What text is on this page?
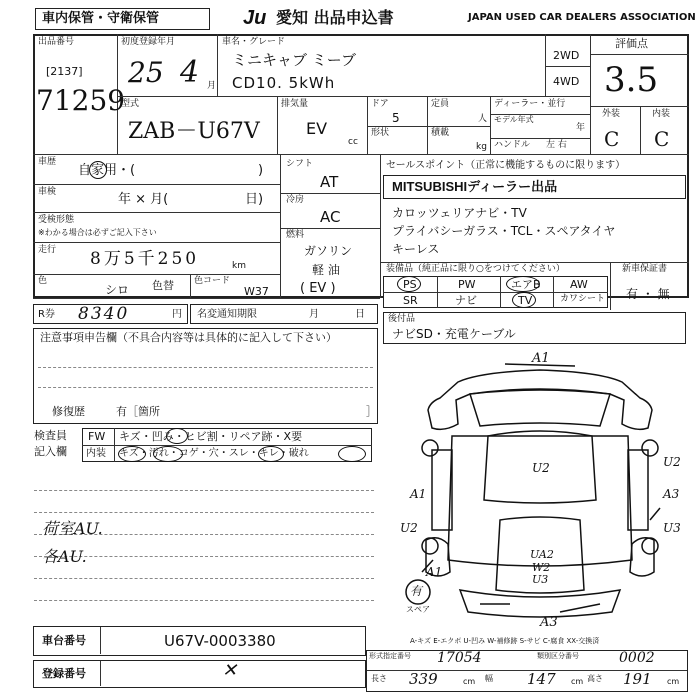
車内保管・守衛保管	Ju 愛知 出品申込書	JAPAN USED CAR DEALERS ASSOCIATION
出品番号
[2137]
71259
初度登録年月
25 4 月
車名・グレード
ミニキャブ ミーブ
CD10. 5kWh
2WD
4WD
評価点
3.5
外装	内装
C C
型式
ZAB－U67V
排気量
EV
cc
ドア
5
形状
定員
人
積載
kg
ディーラー・並行
モデル年式
年
ハンドル 左 右
車歴
自家用・(	)
車検	年 × 月(	日)
受検形態
※わかる場合は必ずご記入下さい
走行 8万5千250	km
色
シロ 色替 色コード
W37
シフト
AT
冷房
AC
燃料
ガソリン
軽 油
( EV )
セールスポイント（正常に機能するものに限ります）
MITSUBISHIディーラー出品
カロッツェリアナビ・TV
プライバシーガラス・TCL・スペアタイヤ
キーレス
装備品（純正品に限り○をつけてください）	新車保証書
有 ・ 無
PS	PW	エアB	AW
SR	ナビ	TV	カワシート
R券 8340	円 名変通知期限	月	日	後付品
ナビSD・充電ケーブル
注意事項申告欄（不具合内容等は具体的に記入して下さい）
修復歴	有［箇所	］
検査員
記入欄
FW キズ・凹み・ヒビ割・リペア跡・X要
内装 キズ・汚れ・コゲ・穴・スレ・キレ・破れ
荷室AU.
各AU.
A1
U2	U2
A1
U2
A3
U3
UA2
W2
U3
A1
A3
有
スペア
A-キズ E-エクボ U-凹み W-補修跡 S-サビ C-腐食 XX-交換済
車台番号	U67V-0003380
登録番号	✕
形式指定番号 17054	類別区分番号	0002
長さ 339	cm 幅 147 cm 高さ 191 cm
